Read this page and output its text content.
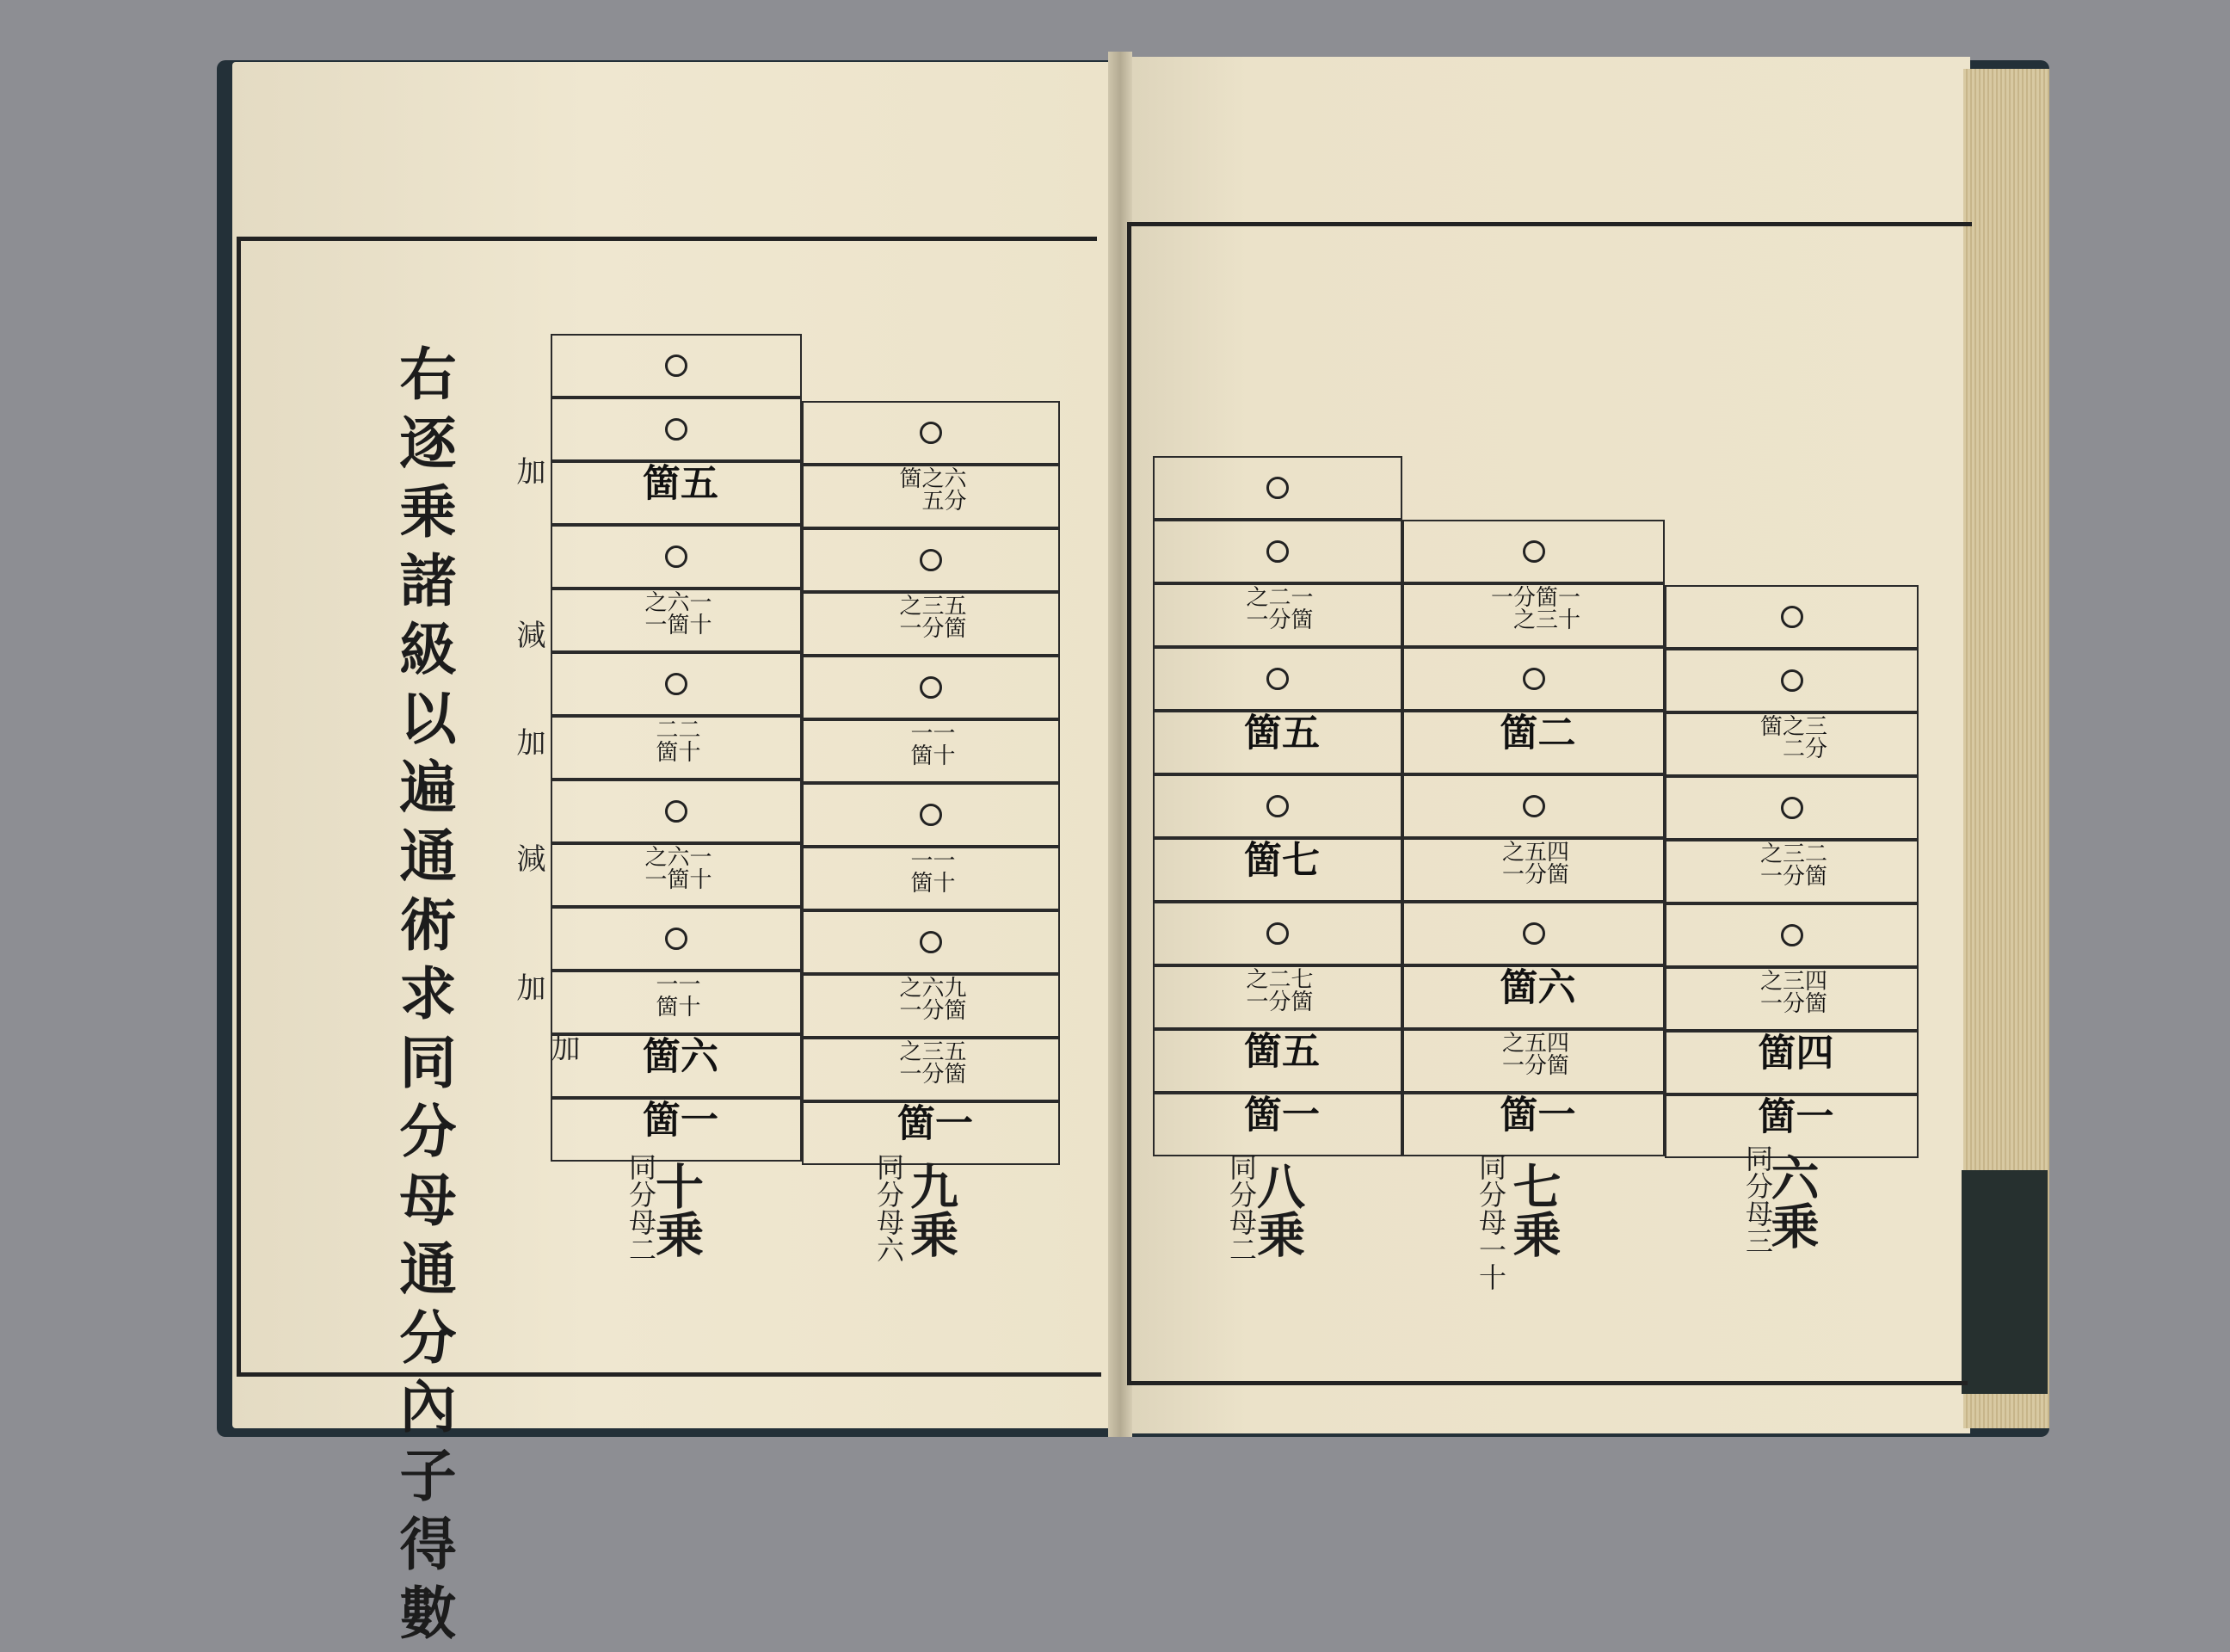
右逐乗諸級以遍通術求同分母通分內子得數 加
減
加
減
加
加
五箇
一十六箇之一
二十二箇
一十六箇之一
一十一箇
六箇
一箇
十乗
同分母二
六分之五箇
五箇三分之一
一十一箇
一十一箇
九箇六分之一
五箇三分之一
一箇
九乗
同分母六
一箇二分之一
五箇
七箇
七箇二分之一
五箇
一箇
八乗
同分母二
一十箇三分之一
二箇
四箇五分之一
六箇
四箇五分之一
一箇
七乗
同分母一十
三分之二箇
二箇三分之一
四箇三分之一
四箇
一箇
六乗
同分母三
